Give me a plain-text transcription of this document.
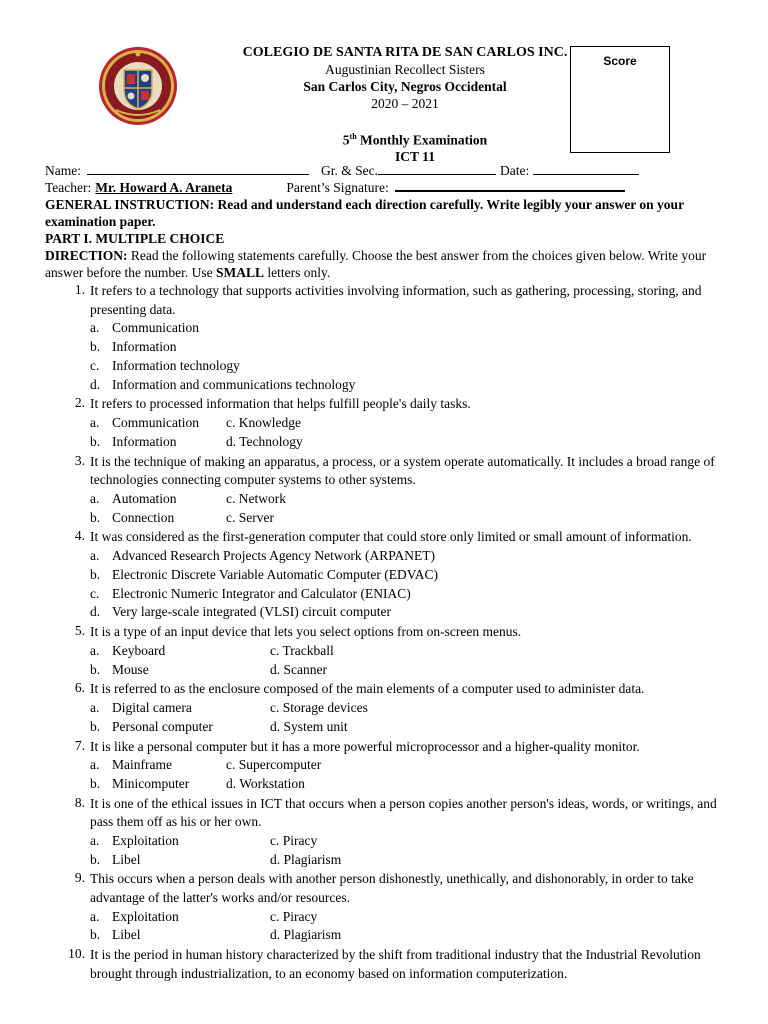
COLEGIO DE SANTA RITA DE SAN CARLOS INC.
Augustinian Recollect Sisters
San Carlos City, Negros Occidental
2020 – 2021
5th Monthly Examination
ICT 11
Score
Name:	Gr. & Sec.	Date:
Teacher: Mr. Howard A. Araneta	Parent’s Signature:
GENERAL INSTRUCTION: Read and understand each direction carefully. Write legibly your answer on your examination paper.
PART I. MULTIPLE CHOICE
DIRECTION: Read the following statements carefully. Choose the best answer from the choices given below. Write your answer before the number. Use SMALL letters only.
1. It refers to a technology that supports activities involving information, such as gathering, processing, storing, and presenting data.
a. Communication
b. Information
c. Information technology
d. Information and communications technology
2. It refers to processed information that helps fulfill people's daily tasks.
a. Communication c. Knowledge
b. Information	d. Technology
3. It is the technique of making an apparatus, a process, or a system operate automatically. It includes a broad range of technologies connecting computer systems to other systems.
a. Automation	c. Network
b. Connection	c. Server
4. It was considered as the first-generation computer that could store only limited or small amount of information.
a. Advanced Research Projects Agency Network (ARPANET)
b. Electronic Discrete Variable Automatic Computer (EDVAC)
c. Electronic Numeric Integrator and Calculator (ENIAC)
d. Very large-scale integrated (VLSI) circuit computer
5. It is a type of an input device that lets you select options from on-screen menus.
a. Keyboard	c. Trackball
b. Mouse	d. Scanner
6. It is referred to as the enclosure composed of the main elements of a computer used to administer data.
a. Digital camera	c. Storage devices
b. Personal computer	d. System unit
7. It is like a personal computer but it has a more powerful microprocessor and a higher-quality monitor.
a. Mainframe	c. Supercomputer
b. Minicomputer	d. Workstation
8. It is one of the ethical issues in ICT that occurs when a person copies another person's ideas, words, or writings, and pass them off as his or her own.
a. Exploitation	c. Piracy
b. Libel	d. Plagiarism
9. This occurs when a person deals with another person dishonestly, unethically, and dishonorably, in order to take advantage of the latter's works and/or resources.
a. Exploitation	c. Piracy
b. Libel	d. Plagiarism
10. It is the period in human history characterized by the shift from traditional industry that the Industrial Revolution brought through industrialization, to an economy based on information computerization.
